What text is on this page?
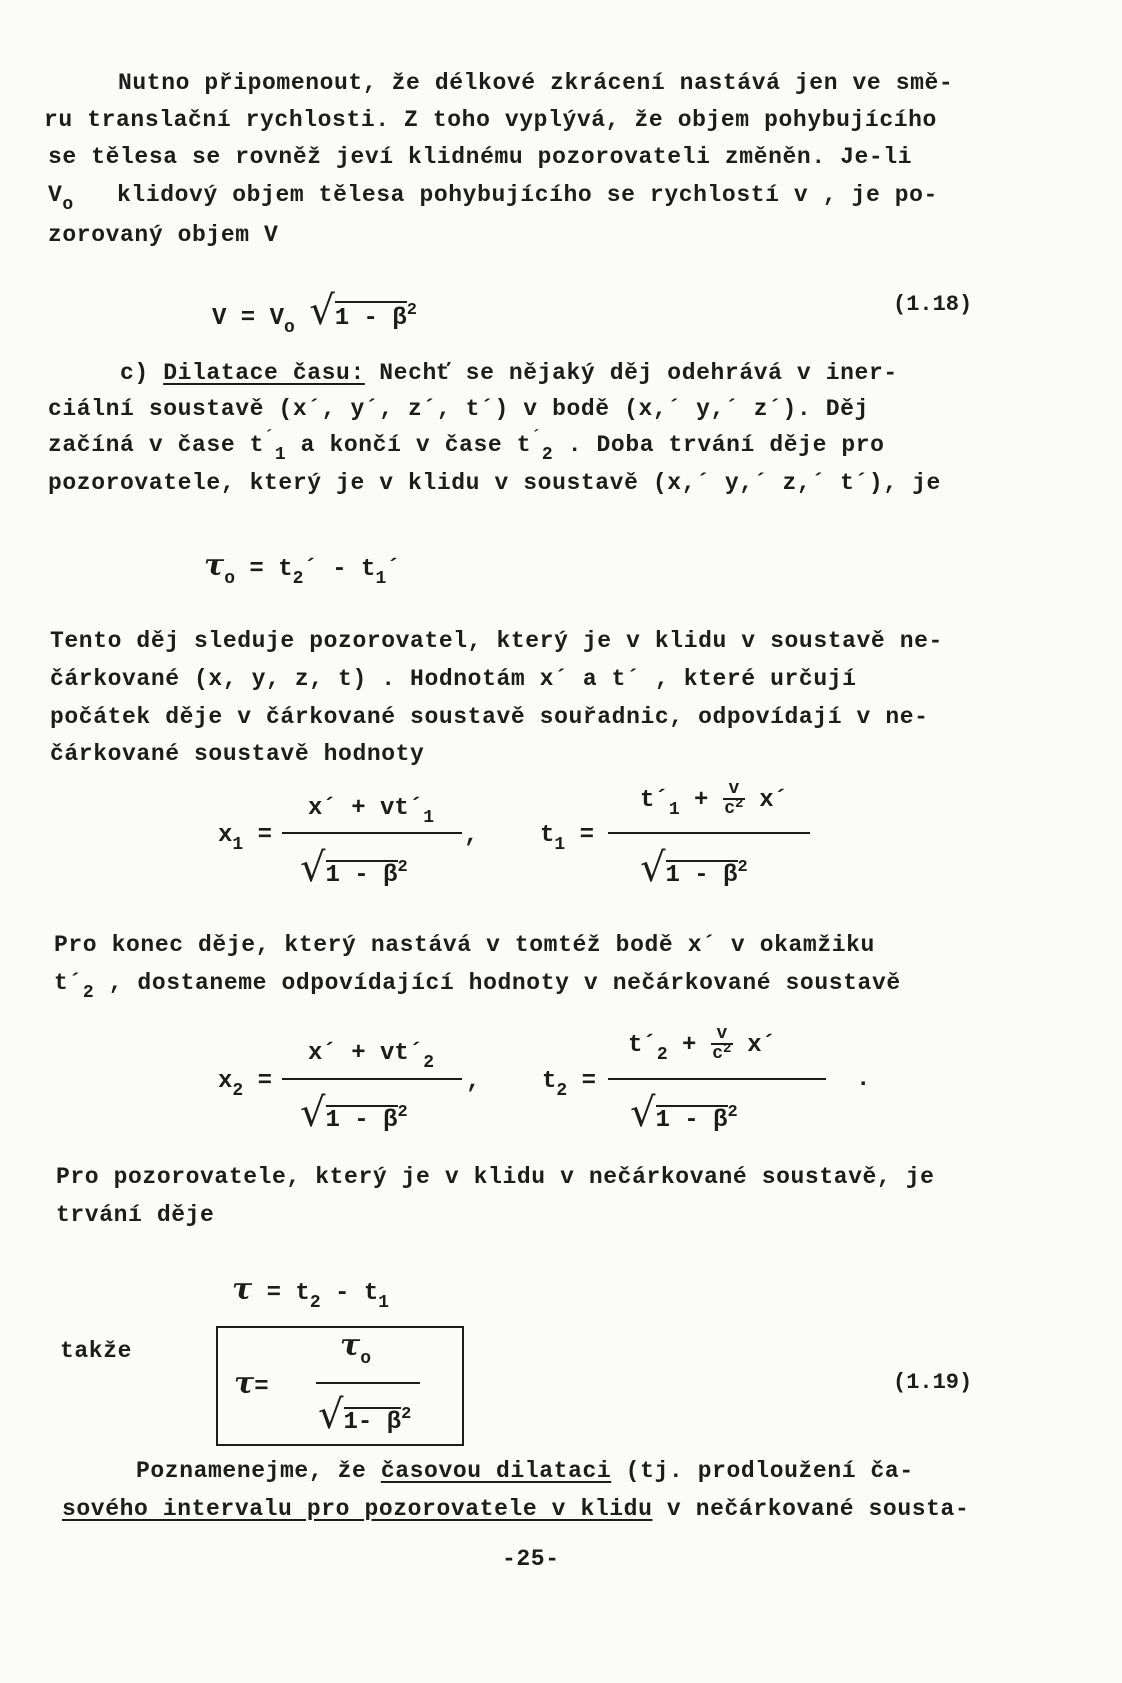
Nutno připomenout, že délkové zkrácení nastává jen ve smě-
ru translační rychlosti. Z toho vyplývá, že objem pohybujícího
se tělesa se rovněž jeví klidnému pozorovateli změněn. Je-li
$V_o$ klidový objem tělesa pohybujícího se rychlostí v , je po-
zorovaný objem V
$V = V_o$ $√1 - \beta^2$	(1.18)
c) Dilatace času: Nechť se nějaký děj odehrává v iner-
ciální soustavě (x´, y´, z´, t´) v bodě (x,´ y,´ z´). Děj
začíná v čase $t^´_1$ a končí v čase $t^´_2$ . Doba trvání děje pro
pozorovatele, který je v klidu v soustavě (x,´ y,´ z,´ t´), je
$\tau_o$ = $t_2´$ - $t_1´$
Tento děj sleduje pozorovatel, který je v klidu v soustavě ne-
čárkované (x, y, z, t) . Hodnotám x´ a t´ , které určují
počátek děje v čárkované soustavě souřadnic, odpovídají v ne-
čárkované soustavě hodnoty
$x_1$ =
x´ + $vt´_1$
$√1 - \beta^2$
,	$t_1$ =
$t´_1 + \frac{v}{c^2}$ x´
$√1 - \beta^2$
Pro konec děje, který nastává v tomtéž bodě x´ v okamžiku
$t´_2$ , dostaneme odpovídající hodnoty v nečárkované soustavě
$x_2$ =
x´ + $vt´_2$
$√1 - \beta^2$
,	$t_2$ =
$t´_2 + \frac{v}{c^2}$ x´
$√1 - \beta^2$
.
Pro pozorovatele, který je v klidu v nečárkované soustavě, je
trvání děje
$\tau = t_2 - t_1$
takže
τ=
$\tau_o$
√1- $\beta^2$
(1.19)
Poznamenejme, že časovou dilataci (tj. prodloužení ča-
sového intervalu pro pozorovatele v klidu v nečárkované sousta-
-25-
